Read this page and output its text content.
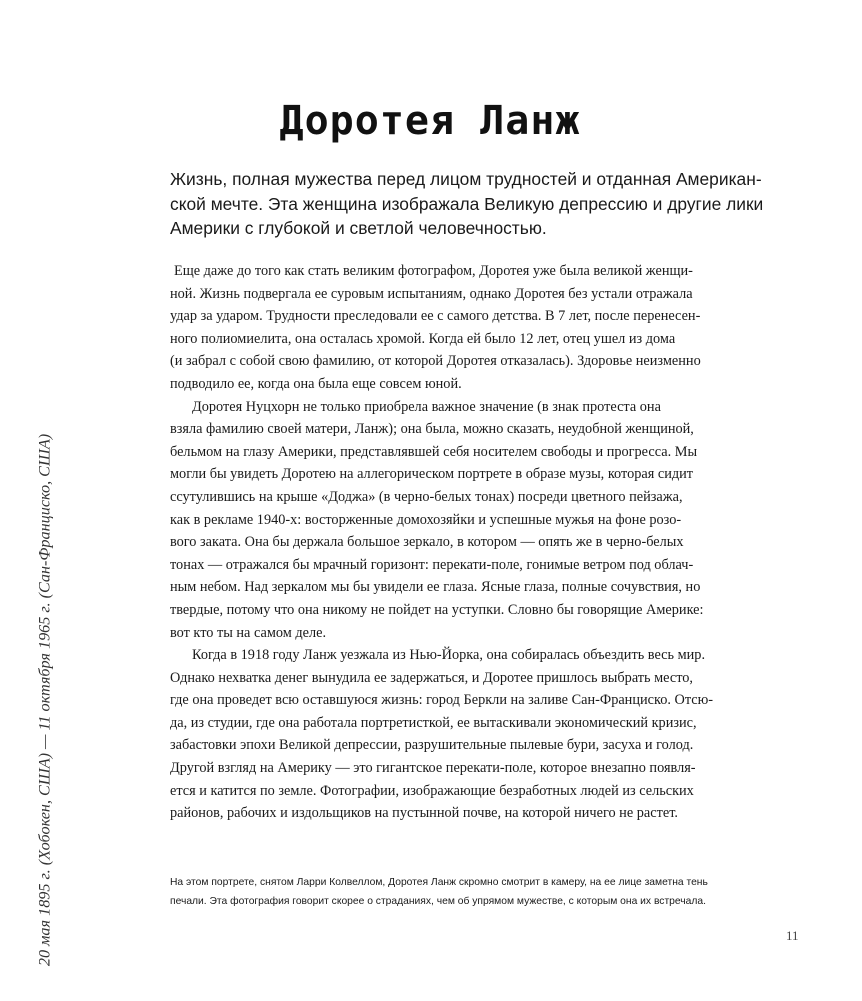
Доротея Ланж

Жизнь, полная мужества перед лицом трудностей и отданная Американ-
ской мечте. Эта женщина изображала Великую депрессию и другие лики
Америки с глубокой и светлой человечностью.

Еще даже до того как стать великим фотографом, Доротея уже была великой женщи-
ной. Жизнь подвергала ее суровым испытаниям, однако Доротея без устали отражала
удар за ударом. Трудности преследовали ее с самого детства. В 7 лет, после перенесен-
ного полиомиелита, она осталась хромой. Когда ей было 12 лет, отец ушел из дома
(и забрал с собой свою фамилию, от которой Доротея отказалась). Здоровье неизменно
подводило ее, когда она была еще совсем юной.

Доротея Нуцхорн не только приобрела важное значение (в знак протеста она
взяла фамилию своей матери, Ланж); она была, можно сказать, неудобной женщиной,
бельмом на глазу Америки, представлявшей себя носителем свободы и прогресса. Мы
могли бы увидеть Доротею на аллегорическом портрете в образе музы, которая сидит
ссутулившись на крыше «Доджа» (в черно-белых тонах) посреди цветного пейзажа,
как в рекламе 1940-х: восторженные домохозяйки и успешные мужья на фоне розо-
вого заката. Она бы держала большое зеркало, в котором — опять же в черно-белых
тонах — отражался бы мрачный горизонт: перекати-поле, гонимые ветром под облач-
ным небом. Над зеркалом мы бы увидели ее глаза. Ясные глаза, полные сочувствия, но
твердые, потому что она никому не пойдет на уступки. Словно бы говорящие Америке:
вот кто ты на самом деле.

Когда в 1918 году Ланж уезжала из Нью-Йорка, она собиралась объездить весь мир.
Однако нехватка денег вынудила ее задержаться, и Доротее пришлось выбрать место,
где она проведет всю оставшуюся жизнь: город Беркли на заливе Сан-Франциско. Отсю-
да, из студии, где она работала портретисткой, ее вытаскивали экономический кризис,
забастовки эпохи Великой депрессии, разрушительные пылевые бури, засуха и голод.
Другой взгляд на Америку — это гигантское перекати-поле, которое внезапно появля-
ется и катится по земле. Фотографии, изображающие безработных людей из сельских
районов, рабочих и издольщиков на пустынной почве, на которой ничего не растет.

На этом портрете, снятом Ларри Колвеллом, Доротея Ланж скромно смотрит в камеру, на ее лице заметна тень
печали. Эта фотография говорит скорее о страданиях, чем об упрямом мужестве, с которым она их встречала.

20 мая 1895 г. (Хобокен, США) — 11 октября 1965 г. (Сан-Франциско, США)	11
